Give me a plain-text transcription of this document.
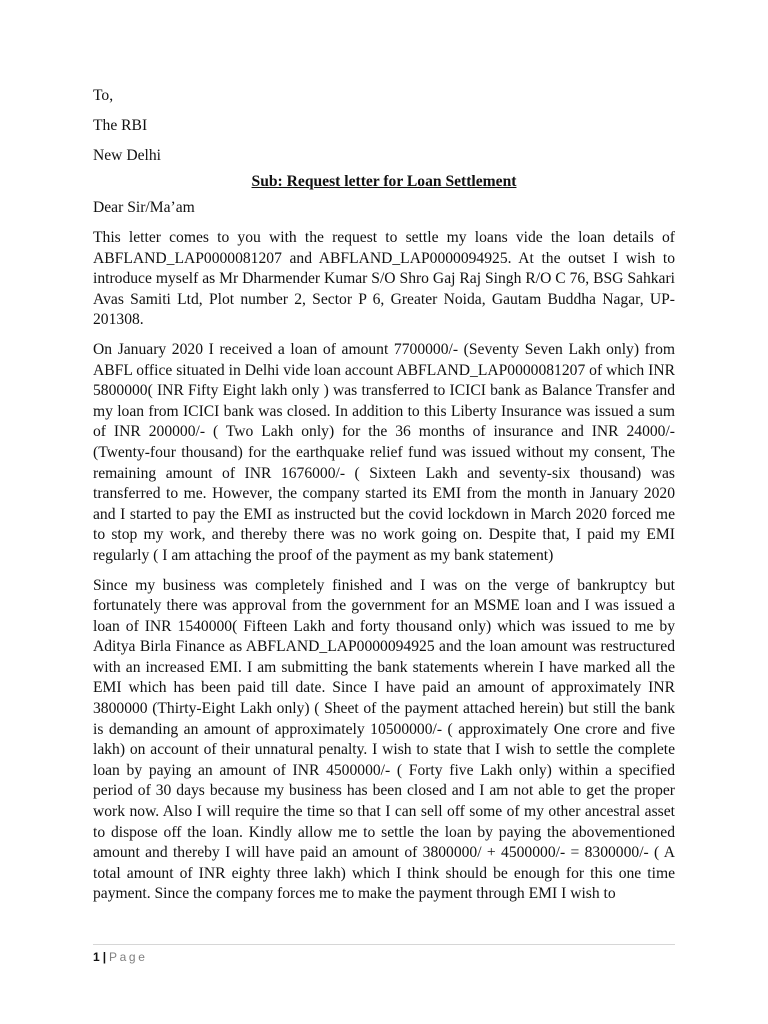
To,

The RBI

New Delhi

Sub: Request letter for Loan Settlement

Dear Sir/Ma’am

This letter comes to you with the request to settle my loans vide the loan details of ABFLAND_LAP0000081207 and ABFLAND_LAP0000094925. At the outset I wish to introduce myself as Mr Dharmender Kumar S/O Shro Gaj Raj Singh R/O C 76, BSG Sahkari Avas Samiti Ltd, Plot number 2, Sector P 6, Greater Noida, Gautam Buddha Nagar, UP-201308.

On January 2020 I received a loan of amount 7700000/- (Seventy Seven Lakh only) from ABFL office situated in Delhi vide loan account ABFLAND_LAP0000081207 of which INR 5800000( INR Fifty Eight lakh only ) was transferred to ICICI bank as Balance Transfer and my loan from ICICI bank was closed. In addition to this Liberty Insurance was issued a sum of INR 200000/- ( Two Lakh only) for the 36 months of insurance and INR 24000/- (Twenty-four thousand) for the earthquake relief fund was issued without my consent, The remaining amount of INR 1676000/- ( Sixteen Lakh and seventy-six thousand) was transferred to me. However, the company started its EMI from the month in January 2020 and I started to pay the EMI as instructed but the covid lockdown in March 2020 forced me to stop my work, and thereby there was no work going on. Despite that, I paid my EMI regularly ( I am attaching the proof of the payment as my bank statement)

Since my business was completely finished and I was on the verge of bankruptcy but fortunately there was approval from the government for an MSME loan and I was issued a loan of INR 1540000( Fifteen Lakh and forty thousand only) which was issued to me by Aditya Birla Finance as ABFLAND_LAP0000094925 and the loan amount was restructured with an increased EMI. I am submitting the bank statements wherein I have marked all the EMI which has been paid till date. Since I have paid an amount of approximately INR 3800000 (Thirty-Eight Lakh only) ( Sheet of the payment attached herein) but still the bank is demanding an amount of approximately 10500000/- ( approximately One crore and five lakh) on account of their unnatural penalty. I wish to state that I wish to settle the complete loan by paying an amount of INR 4500000/- ( Forty five Lakh only) within a specified period of 30 days because my business has been closed and I am not able to get the proper work now. Also I will require the time so that I can sell off some of my other ancestral asset to dispose off the loan. Kindly allow me to settle the loan by paying the abovementioned amount and thereby I will have paid an amount of 3800000/ + 4500000/- = 8300000/- ( A total amount of INR eighty three lakh) which I think should be enough for this one time payment. Since the company forces me to make the payment through EMI I wish to

1 | Page
